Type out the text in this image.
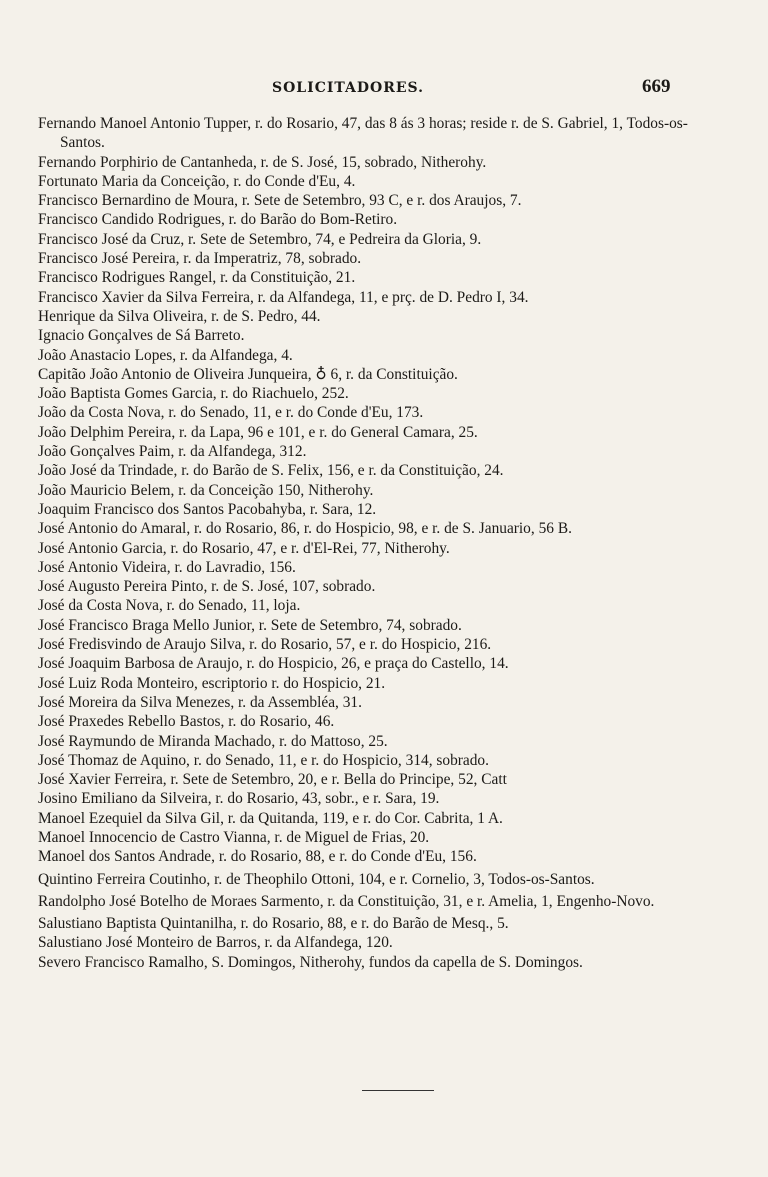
SOLICITADORES.	669

Fernando Manoel Antonio Tupper, r. do Rosario, 47, das 8 ás 3 horas; reside r. de S. Gabriel, 1, Todos-os-Santos.

Fernando Porphirio de Cantanheda, r. de S. José, 15, sobrado, Nitherohy.

Fortunato Maria da Conceição, r. do Conde d'Eu, 4.

Francisco Bernardino de Moura, r. Sete de Setembro, 93 C, e r. dos Araujos, 7.

Francisco Candido Rodrigues, r. do Barão do Bom-Retiro.

Francisco José da Cruz, r. Sete de Setembro, 74, e Pedreira da Gloria, 9.

Francisco José Pereira, r. da Imperatriz, 78, sobrado.

Francisco Rodrigues Rangel, r. da Constituição, 21.

Francisco Xavier da Silva Ferreira, r. da Alfandega, 11, e prç. de D. Pedro I, 34.

Henrique da Silva Oliveira, r. de S. Pedro, 44.

Ignacio Gonçalves de Sá Barreto.

João Anastacio Lopes, r. da Alfandega, 4.

Capitão João Antonio de Oliveira Junqueira, ♁ 6, r. da Constituição.

João Baptista Gomes Garcia, r. do Riachuelo, 252.

João da Costa Nova, r. do Senado, 11, e r. do Conde d'Eu, 173.

João Delphim Pereira, r. da Lapa, 96 e 101, e r. do General Camara, 25.

João Gonçalves Paim, r. da Alfandega, 312.

João José da Trindade, r. do Barão de S. Felix, 156, e r. da Constituição, 24.

João Mauricio Belem, r. da Conceição 150, Nitherohy.

Joaquim Francisco dos Santos Pacobahyba, r. Sara, 12.

José Antonio do Amaral, r. do Rosario, 86, r. do Hospicio, 98, e r. de S. Januario, 56 B.

José Antonio Garcia, r. do Rosario, 47, e r. d'El-Rei, 77, Nitherohy.

José Antonio Videira, r. do Lavradio, 156.

José Augusto Pereira Pinto, r. de S. José, 107, sobrado.

José da Costa Nova, r. do Senado, 11, loja.

José Francisco Braga Mello Junior, r. Sete de Setembro, 74, sobrado.

José Fredisvindo de Araujo Silva, r. do Rosario, 57, e r. do Hospicio, 216.

José Joaquim Barbosa de Araujo, r. do Hospicio, 26, e praça do Castello, 14.

José Luiz Roda Monteiro, escriptorio r. do Hospicio, 21.

José Moreira da Silva Menezes, r. da Assembléa, 31.

José Praxedes Rebello Bastos, r. do Rosario, 46.

José Raymundo de Miranda Machado, r. do Mattoso, 25.

José Thomaz de Aquino, r. do Senado, 11, e r. do Hospicio, 314, sobrado.

José Xavier Ferreira, r. Sete de Setembro, 20, e r. Bella do Principe, 52, Catt

Josino Emiliano da Silveira, r. do Rosario, 43, sobr., e r. Sara, 19.

Manoel Ezequiel da Silva Gil, r. da Quitanda, 119, e r. do Cor. Cabrita, 1 A.

Manoel Innocencio de Castro Vianna, r. de Miguel de Frias, 20.

Manoel dos Santos Andrade, r. do Rosario, 88, e r. do Conde d'Eu, 156.

Quintino Ferreira Coutinho, r. de Theophilo Ottoni, 104, e r. Cornelio, 3, Todos-os-Santos.

Randolpho José Botelho de Moraes Sarmento, r. da Constituição, 31, e r. Amelia, 1, Engenho-Novo.

Salustiano Baptista Quintanilha, r. do Rosario, 88, e r. do Barão de Mesq., 5.

Salustiano José Monteiro de Barros, r. da Alfandega, 120.

Severo Francisco Ramalho, S. Domingos, Nitherohy, fundos da capella de S. Domingos.
